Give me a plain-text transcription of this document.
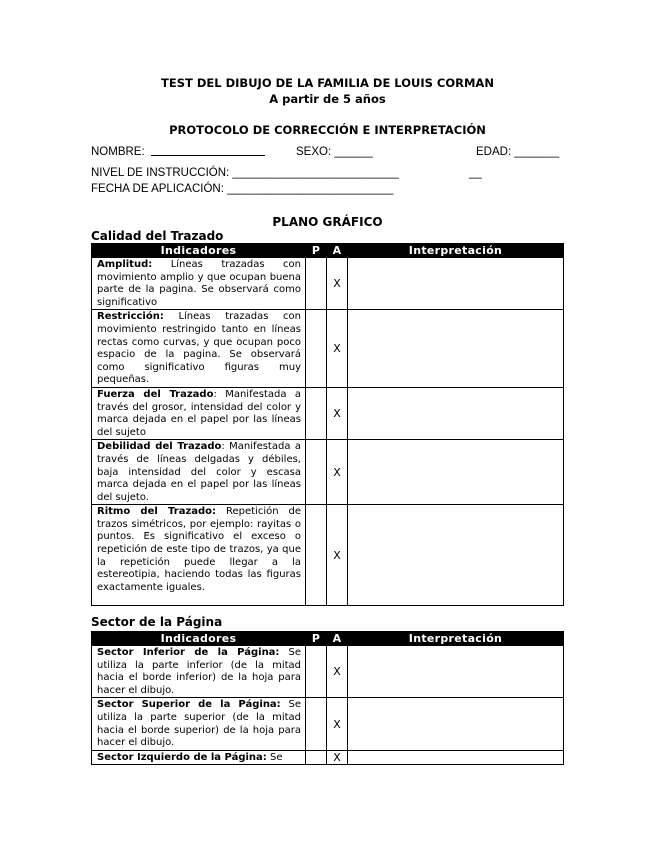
TEST DEL DIBUJO DE LA FAMILIA DE LOUIS CORMAN
A partir de 5 años
PROTOCOLO DE CORRECCIÓN E INTERPRETACIÓN
NOMBRE:	SEXO: ______	EDAD: _______
NIVEL DE INSTRUCCIÓN: __________________________	__
FECHA DE APLICACIÓN: __________________________
PLANO GRÁFICO
Calidad del Trazado
Indicadores	P	A	Interpretación
Amplitud: Líneas trazadas con movimiento amplio y que ocupan buena parte de la pagina. Se observará como significativo		X	
Restricción: Líneas trazadas con movimiento restringido tanto en líneas rectas como curvas, y que ocupan poco espacio de la pagina. Se observará como significativo figuras muy pequeñas.		X	
Fuerza del Trazado: Manifestada a través del grosor, intensidad del color y marca dejada en el papel por las líneas del sujeto		X	
Debilidad del Trazado: Manifestada a través de líneas delgadas y débiles, baja intensidad del color y escasa marca dejada en el papel por las líneas del sujeto.		X	
Ritmo del Trazado: Repetición de trazos simétricos, por ejemplo: rayitas o puntos. Es significativo el exceso o repetición de este tipo de trazos, ya que la repetición puede llegar a la estereotipia, haciendo todas las figuras exactamente iguales.		X	
Sector de la Página
Indicadores	P	A	Interpretación
Sector Inferior de la Página: Se utiliza la parte inferior (de la mitad hacia el borde inferior) de la hoja para hacer el dibujo.		X	
Sector Superior de la Página: Se utiliza la parte superior (de la mitad hacia el borde superior) de la hoja para hacer el dibujo.		X	
Sector Izquierdo de la Página: Se		X	
